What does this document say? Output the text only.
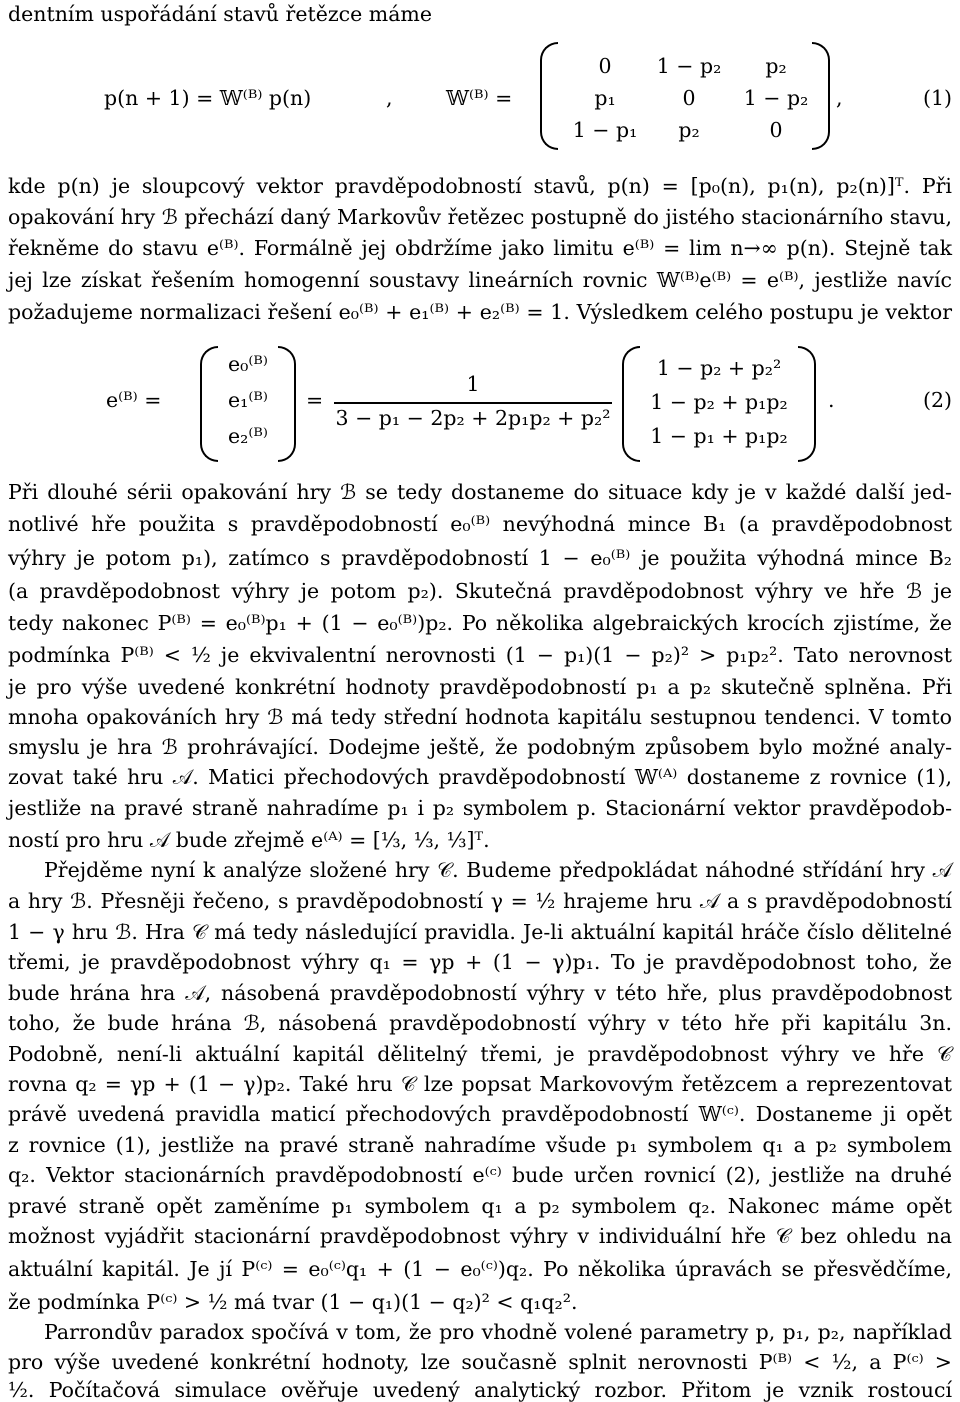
dentním uspořádání stavů řetězce máme
p(n + 1) = 𝕎⁽ᴮ⁾ p(n)	,	𝕎⁽ᴮ⁾ =
0	1 − p₂	p₂
p₁	0	1 − p₂
1 − p₁	p₂	0
,	(1)
kde p(n) je sloupcový vektor pravděpodobností stavů, p(n) = [p₀(n), p₁(n), p₂(n)]ᵀ. Při
opakování hry ℬ přechází daný Markovův řetězec postupně do jistého stacionárního stavu,
řekněme do stavu e⁽ᴮ⁾. Formálně jej obdržíme jako limitu e⁽ᴮ⁾ = lim n→∞ p(n). Stejně tak
jej lze získat řešením homogenní soustavy lineárních rovnic 𝕎⁽ᴮ⁾e⁽ᴮ⁾ = e⁽ᴮ⁾, jestliže navíc
požadujeme normalizaci řešení e₀⁽ᴮ⁾ + e₁⁽ᴮ⁾ + e₂⁽ᴮ⁾ = 1. Výsledkem celého postupu je vektor
e⁽ᴮ⁾ =
e₀⁽ᴮ⁾
e₁⁽ᴮ⁾
e₂⁽ᴮ⁾
=
1
3 − p₁ − 2p₂ + 2p₁p₂ + p₂²
1 − p₂ + p₂²
1 − p₂ + p₁p₂
1 − p₁ + p₁p₂
.	(2)
Při dlouhé sérii opakování hry ℬ se tedy dostaneme do situace kdy je v každé další jed-
notlivé hře použita s pravděpodobností e₀⁽ᴮ⁾ nevýhodná mince B₁ (a pravděpodobnost
výhry je potom p₁), zatímco s pravděpodobností 1 − e₀⁽ᴮ⁾ je použita výhodná mince B₂
(a pravděpodobnost výhry je potom p₂). Skutečná pravděpodobnost výhry ve hře ℬ je
tedy nakonec P⁽ᴮ⁾ = e₀⁽ᴮ⁾p₁ + (1 − e₀⁽ᴮ⁾)p₂. Po několika algebraických krocích zjistíme, že
podmínka P⁽ᴮ⁾ < ½ je ekvivalentní nerovnosti (1 − p₁)(1 − p₂)² > p₁p₂². Tato nerovnost
je pro výše uvedené konkrétní hodnoty pravděpodobností p₁ a p₂ skutečně splněna. Při
mnoha opakováních hry ℬ má tedy střední hodnota kapitálu sestupnou tendenci. V tomto
smyslu je hra ℬ prohrávající. Dodejme ještě, že podobným způsobem bylo možné analy-
zovat také hru 𝒜. Matici přechodových pravděpodobností 𝕎⁽ᴬ⁾ dostaneme z rovnice (1),
jestliže na pravé straně nahradíme p₁ i p₂ symbolem p. Stacionární vektor pravděpodob-
ností pro hru 𝒜 bude zřejmě e⁽ᴬ⁾ = [⅓, ⅓, ⅓]ᵀ.
Přejděme nyní k analýze složené hry 𝒞. Budeme předpokládat náhodné střídání hry 𝒜
a hry ℬ. Přesněji řečeno, s pravděpodobností γ = ½ hrajeme hru 𝒜 a s pravděpodobností
1 − γ hru ℬ. Hra 𝒞 má tedy následující pravidla. Je-li aktuální kapitál hráče číslo dělitelné
třemi, je pravděpodobnost výhry q₁ = γp + (1 − γ)p₁. To je pravděpodobnost toho, že
bude hrána hra 𝒜, násobená pravděpodobností výhry v této hře, plus pravděpodobnost
toho, že bude hrána ℬ, násobená pravděpodobností výhry v této hře při kapitálu 3n.
Podobně, není-li aktuální kapitál dělitelný třemi, je pravděpodobnost výhry ve hře 𝒞
rovna q₂ = γp + (1 − γ)p₂. Také hru 𝒞 lze popsat Markovovým řetězcem a reprezentovat
právě uvedená pravidla maticí přechodových pravděpodobností 𝕎⁽ᶜ⁾. Dostaneme ji opět
z rovnice (1), jestliže na pravé straně nahradíme všude p₁ symbolem q₁ a p₂ symbolem
q₂. Vektor stacionárních pravděpodobností e⁽ᶜ⁾ bude určen rovnicí (2), jestliže na druhé
pravé straně opět zaměníme p₁ symbolem q₁ a p₂ symbolem q₂. Nakonec máme opět
možnost vyjádřit stacionární pravděpodobnost výhry v individuální hře 𝒞 bez ohledu na
aktuální kapitál. Je jí P⁽ᶜ⁾ = e₀⁽ᶜ⁾q₁ + (1 − e₀⁽ᶜ⁾)q₂. Po několika úpravách se přesvědčíme,
že podmínka P⁽ᶜ⁾ > ½ má tvar (1 − q₁)(1 − q₂)² < q₁q₂².
Parrondův paradox spočívá v tom, že pro vhodně volené parametry p, p₁, p₂, například
pro výše uvedené konkrétní hodnoty, lze současně splnit nerovnosti P⁽ᴮ⁾ < ½, a P⁽ᶜ⁾ >
½. Počítačová simulace ověřuje uvedený analytický rozbor. Přitom je vznik rostoucí
